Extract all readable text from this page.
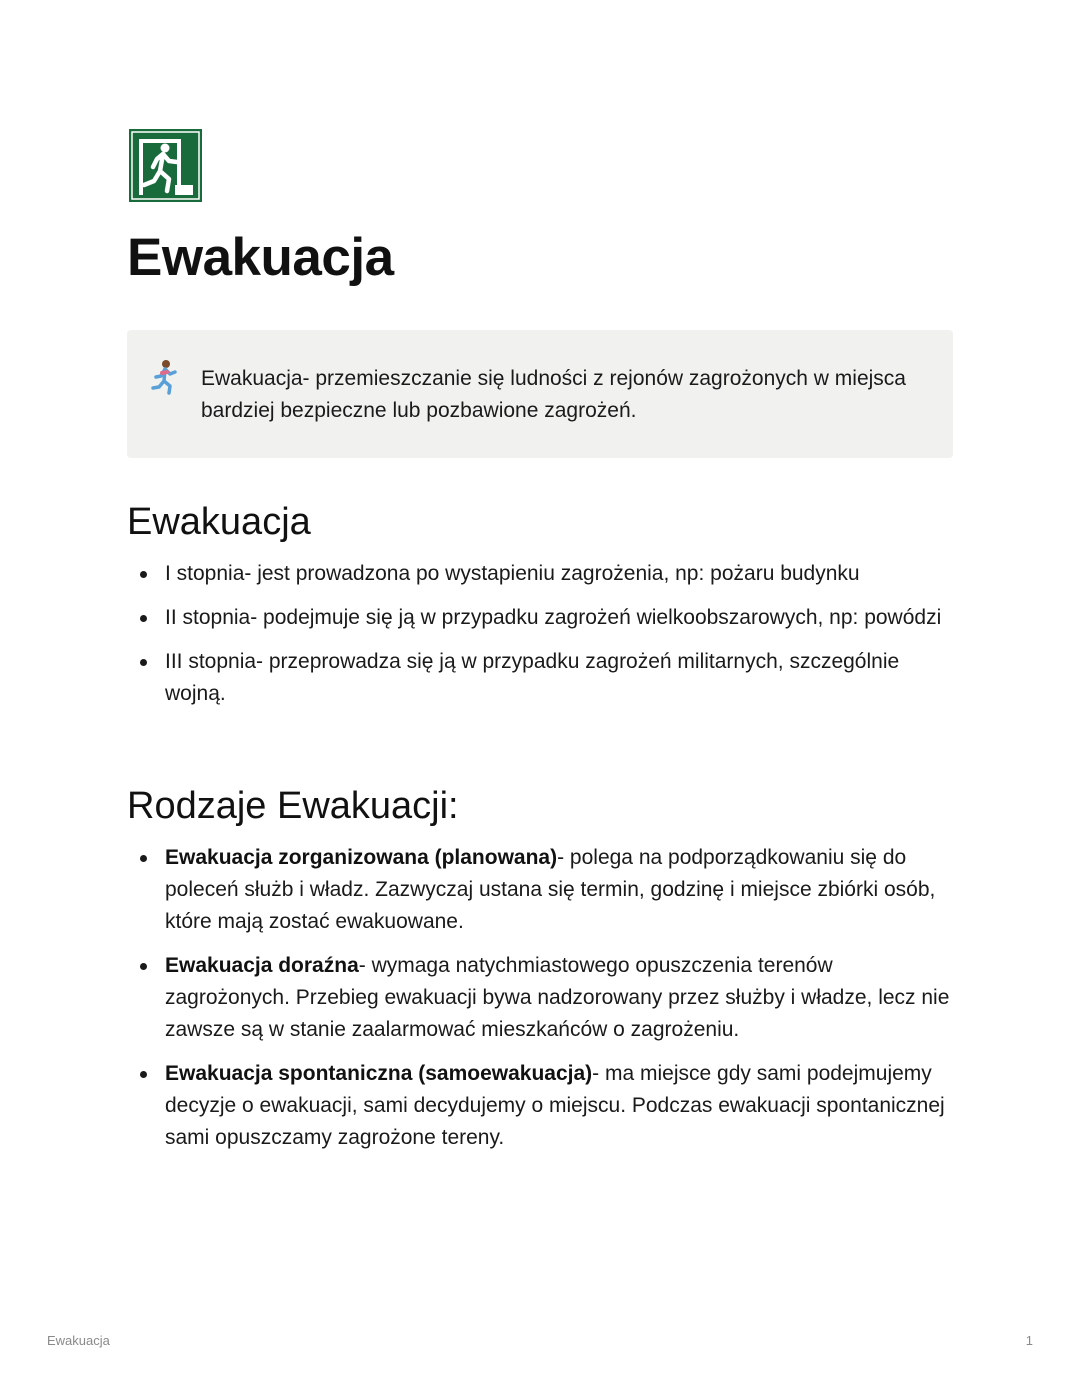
Ewakuacja

Ewakuacja- przemieszczanie się ludności z rejonów zagrożonych w miejsca bardziej bezpieczne lub pozbawione zagrożeń.

Ewakuacja
I stopnia- jest prowadzona po wystapieniu zagrożenia, np: pożaru budynku
II stopnia- podejmuje się ją w przypadku zagrożeń wielkoobszarowych, np: powódzi
III stopnia- przeprowadza się ją w przypadku zagrożeń militarnych, szczególnie wojną.
Rodzaje Ewakuacji:
Ewakuacja zorganizowana (planowana)- polega na podporządkowaniu się do poleceń służb i władz. Zazwyczaj ustana się termin, godzinę i miejsce zbiórki osób, które mają zostać ewakuowane.
Ewakuacja doraźna- wymaga natychmiastowego opuszczenia terenów zagrożonych. Przebieg ewakuacji bywa nadzorowany przez służby i władze, lecz nie zawsze są w stanie zaalarmować mieszkańców o zagrożeniu.
Ewakuacja spontaniczna (samoewakuacja)- ma miejsce gdy sami podejmujemy decyzje o ewakuacji, sami decydujemy o miejscu. Podczas ewakuacji spontanicznej sami opuszczamy zagrożone tereny.
Ewakuacja	1
